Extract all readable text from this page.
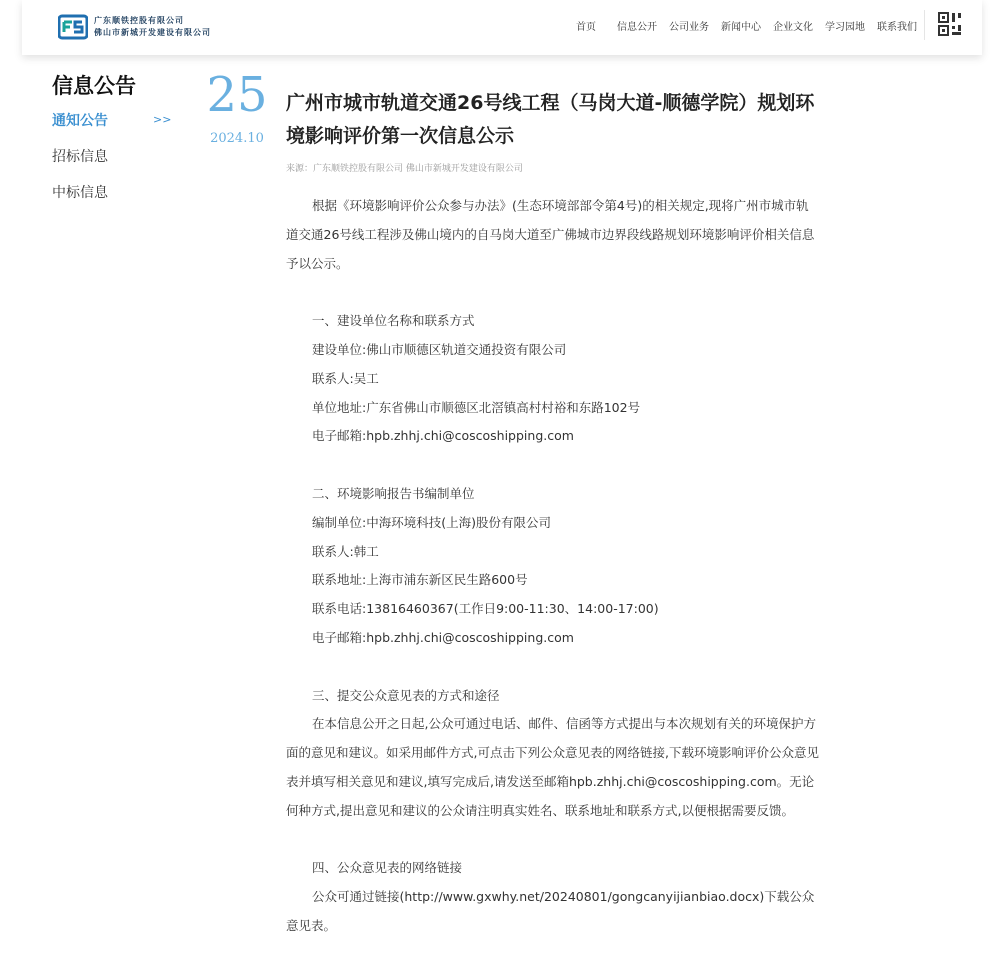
广东顺铁控股有限公司
佛山市新城开发建设有限公司	首页 信息公开 公司业务 新闻中心 企业文化 学习园地 联系我们
信息公告
通知公告	>>
招标信息
中标信息
25
2024.10
广州市城市轨道交通26号线工程（马岗大道-顺德学院）规划环境影响评价第一次信息公示
来源：广东顺铁控股有限公司 佛山市新城开发建设有限公司
根据《环境影响评价公众参与办法》(生态环境部部令第4号)的相关规定,现将广州市城市轨道交通26号线工程涉及佛山境内的自马岗大道至广佛城市边界段线路规划环境影响评价相关信息予以公示。
一、建设单位名称和联系方式
建设单位:佛山市顺德区轨道交通投资有限公司
联系人:吴工
单位地址:广东省佛山市顺德区北滘镇高村村裕和东路102号
电子邮箱:hpb.zhhj.chi@coscoshipping.com
二、环境影响报告书编制单位
编制单位:中海环境科技(上海)股份有限公司
联系人:韩工
联系地址:上海市浦东新区民生路600号
联系电话:13816460367(工作日9:00-11:30、14:00-17:00)
电子邮箱:hpb.zhhj.chi@coscoshipping.com
三、提交公众意见表的方式和途径
在本信息公开之日起,公众可通过电话、邮件、信函等方式提出与本次规划有关的环境保护方面的意见和建议。如采用邮件方式,可点击下列公众意见表的网络链接,下载环境影响评价公众意见表并填写相关意见和建议,填写完成后,请发送至邮箱hpb.zhhj.chi@coscoshipping.com。无论何种方式,提出意见和建议的公众请注明真实姓名、联系地址和联系方式,以便根据需要反馈。
四、公众意见表的网络链接
公众可通过链接(http://www.gxwhy.net/20240801/gongcanyijianbiao.docx)下载公众意见表。
